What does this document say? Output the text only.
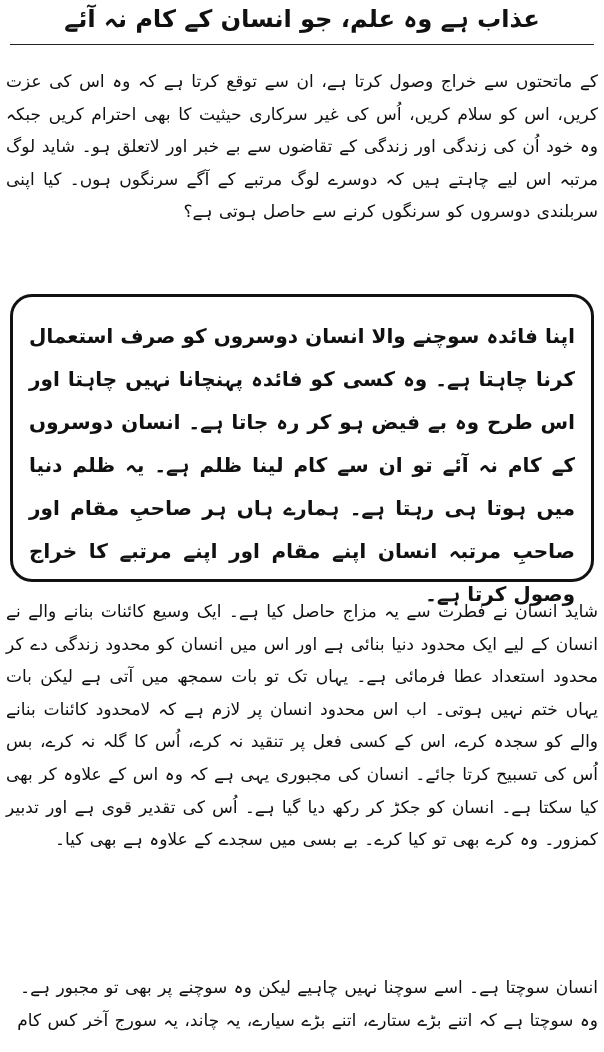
عذاب ہے وہ علم، جو انسان کے کام نہ آئے

کے ماتحتوں سے خراج وصول کرتا ہے، ان سے توقع کرتا ہے کہ وہ اس کی عزت کریں، اس کو سلام کریں، اُس کی غیر سرکاری حیثیت کا بھی احترام کریں جبکہ وہ خود اُن کی زندگی اور زندگی کے تقاضوں سے بے خبر اور لاتعلق ہو۔ شاید لوگ مرتبہ اس لیے چاہتے ہیں کہ دوسرے لوگ مرتبے کے آگے سرنگوں ہوں۔ کیا اپنی سربلندی دوسروں کو سرنگوں کرنے سے حاصل ہوتی ہے؟

اپنا فائدہ سوچنے والا انسان دوسروں کو صرف استعمال کرنا چاہتا ہے۔ وہ کسی کو فائدہ پہنچانا نہیں چاہتا اور اس طرح وہ بے فیض ہو کر رہ جاتا ہے۔ انسان دوسروں کے کام نہ آئے تو ان سے کام لینا ظلم ہے۔ یہ ظلم دنیا میں ہوتا ہی رہتا ہے۔ ہمارے ہاں ہر صاحبِ مقام اور صاحبِ مرتبہ انسان اپنے مقام اور اپنے مرتبے کا خراج وصول کرتا ہے۔

شاید انسان نے فطرت سے یہ مزاج حاصل کیا ہے۔ ایک وسیع کائنات بنانے والے نے انسان کے لیے ایک محدود دنیا بنائی ہے اور اس میں انسان کو محدود زندگی دے کر محدود استعداد عطا فرمائی ہے۔ یہاں تک تو بات سمجھ میں آتی ہے لیکن بات یہاں ختم نہیں ہوتی۔ اب اس محدود انسان پر لازم ہے کہ لامحدود کائنات بنانے والے کو سجدہ کرے، اس کے کسی فعل پر تنقید نہ کرے، اُس کا گلہ نہ کرے، بس اُس کی تسبیح کرتا جائے۔ انسان کی مجبوری یہی ہے کہ وہ اس کے علاوہ کر بھی کیا سکتا ہے۔ انسان کو جکڑ کر رکھ دیا گیا ہے۔ اُس کی تقدیر قوی ہے اور تدبیر کمزور۔ وہ کرے بھی تو کیا کرے۔ بے بسی میں سجدے کے علاوہ ہے بھی کیا۔

انسان سوچتا ہے۔ اسے سوچنا نہیں چاہیے لیکن وہ سوچنے پر بھی تو مجبور ہے۔

وہ سوچتا ہے کہ اتنے بڑے ستارے، اتنے بڑے سیارے، یہ چاند، یہ سورج آخر کس کام
